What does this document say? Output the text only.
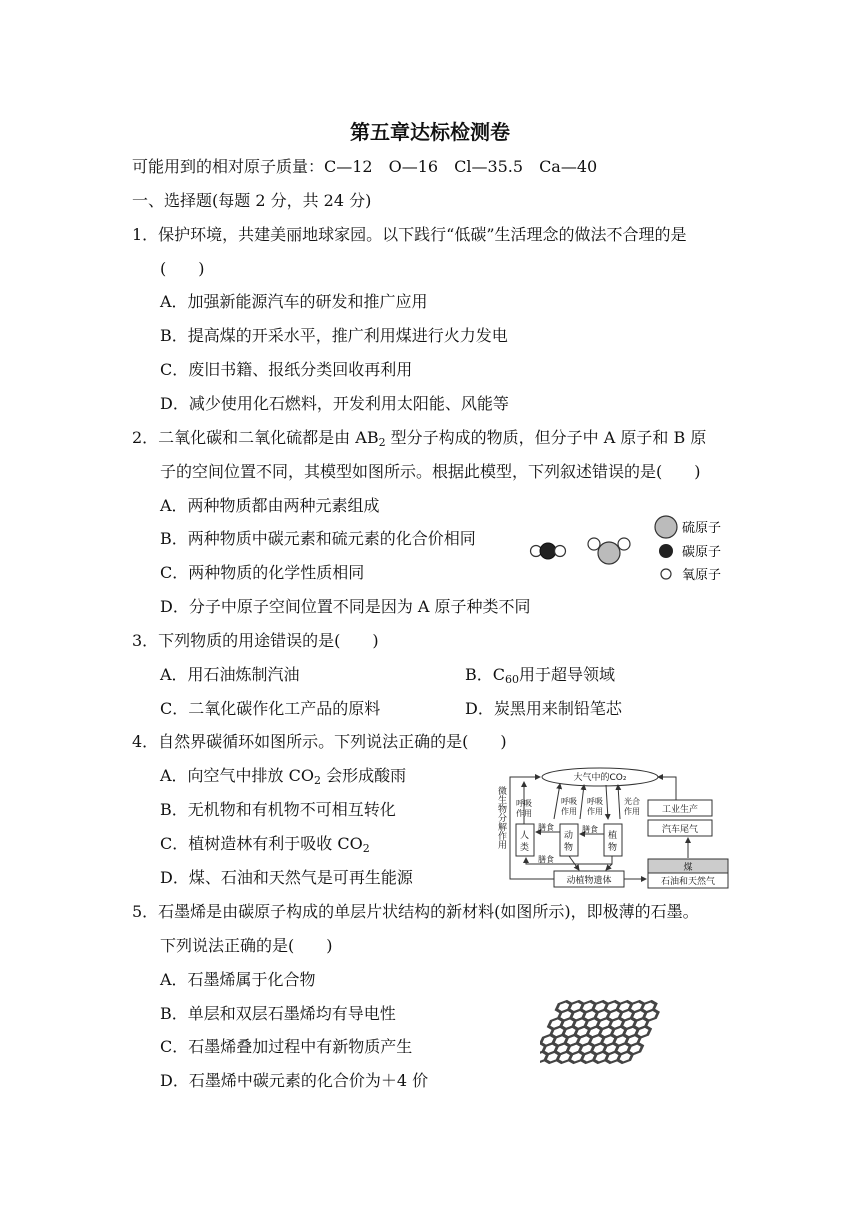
第五章达标检测卷
可能用到的相对原子质量：C—12　O—16　Cl—35.5　Ca—40
一、选择题(每题 2 分，共 24 分)
1．保护环境，共建美丽地球家园。以下践行“低碳”生活理念的做法不合理的是
(　　)
A．加强新能源汽车的研发和推广应用
B．提高煤的开采水平，推广利用煤进行火力发电
C．废旧书籍、报纸分类回收再利用
D．减少使用化石燃料，开发利用太阳能、风能等
2．二氧化碳和二氧化硫都是由 $AB_2$ 型分子构成的物质，但分子中 A 原子和 B 原
子的空间位置不同，其模型如图所示。根据此模型，下列叙述错误的是(　　)
A．两种物质都由两种元素组成
B．两种物质中碳元素和硫元素的化合价相同
C．两种物质的化学性质相同
D．分子中原子空间位置不同是因为 A 原子种类不同
硫原子
碳原子
氧原子
3．下列物质的用途错误的是(　　)
A．用石油炼制汽油	B．$C_{60}$用于超导领域
C．二氧化碳作化工产品的原料	D．炭黑用来制铅笔芯
4．自然界碳循环如图所示。下列说法正确的是(　　)
A．向空气中排放 $CO_2$ 会形成酸雨
B．无机物和有机物不可相互转化
C．植树造林有利于吸收 $CO_2$
D．煤、石油和天然气是可再生能源
大气中的CO₂
微生物分解作用 呼吸
作用
呼吸
作用
呼吸
作用
光合
作用
人
类
动
物
植
物
膳食	膳食
膳食
工业生产
汽车尾气
动植物遗体
煤
石油和天然气
5．石墨烯是由碳原子构成的单层片状结构的新材料(如图所示)，即极薄的石墨。
下列说法正确的是(　　)
A．石墨烯属于化合物
B．单层和双层石墨烯均有导电性
C．石墨烯叠加过程中有新物质产生
D．石墨烯中碳元素的化合价为＋4 价
